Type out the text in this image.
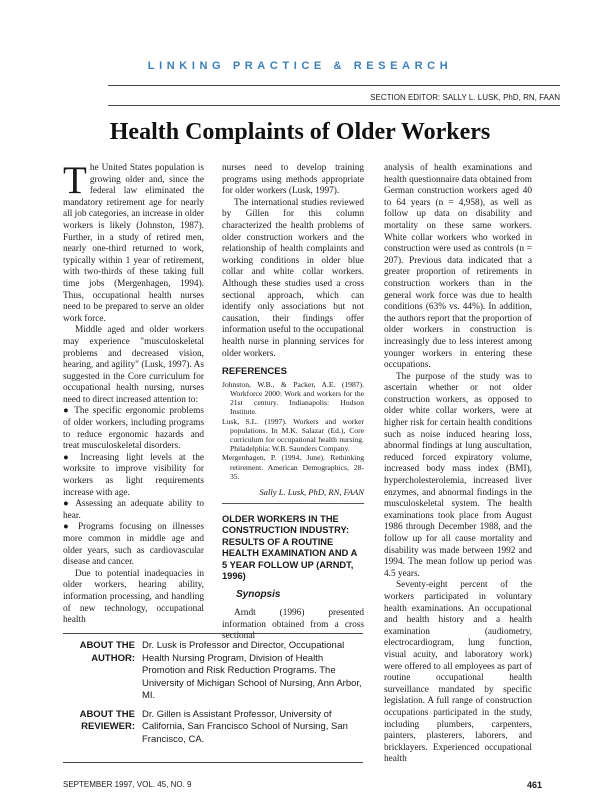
LINKING PRACTICE & RESEARCH
SECTION EDITOR: SALLY L. LUSK, PhD, RN, FAAN
Health Complaints of Older Workers

The United States population is growing older and, since the federal law eliminated the mandatory retirement age for nearly all job categories, an increase in older workers is likely (Johnston, 1987). Further, in a study of retired men, nearly one-third returned to work, typically within 1 year of retirement, with two-thirds of these taking full time jobs (Mergenhagen, 1994). Thus, occupational health nurses need to be prepared to serve an older work force.

Middle aged and older workers may experience "musculoskeletal problems and decreased vision, hearing, and agility" (Lusk, 1997). As suggested in the Core curriculum for occupational health nursing, nurses need to direct increased attention to:

● The specific ergonomic problems of older workers, including programs to reduce ergonomic hazards and treat musculoskeletal disorders.

● Increasing light levels at the worksite to improve visibility for workers as light requirements increase with age.

● Assessing an adequate ability to hear.

● Programs focusing on illnesses more common in middle age and older years, such as cardiovascular disease and cancer.

Due to potential inadequacies in older workers, hearing ability, information processing, and handling of new technology, occupational health

nurses need to develop training programs using methods appropriate for older workers (Lusk, 1997).

The international studies reviewed by Gillen for this column characterized the health problems of older construction workers and the relationship of health complaints and working conditions in older blue collar and white collar workers. Although these studies used a cross sectional approach, which can identify only associations but not causation, their findings offer information useful to the occupational health nurse in planning services for older workers.

REFERENCES

Johnston, W.B., & Packer, A.E. (1987). Workforce 2000: Work and workers for the 21st century. Indianapolis: Hudson Institute.

Lusk, S.L. (1997). Workers and worker populations. In M.K. Salazar (Ed.), Core curriculum for occupational health nursing. Philadelphia: W.B. Saunders Company.

Mergenhagen, P. (1994, June). Rethinking retirement. American Demographics, 28-35.

Sally L. Lusk, PhD, RN, FAAN
OLDER WORKERS IN THE CONSTRUCTION INDUSTRY: RESULTS OF A ROUTINE HEALTH EXAMINATION AND A 5 YEAR FOLLOW UP (ARNDT, 1996)
Synopsis

Arndt (1996) presented information obtained from a cross sectional

analysis of health examinations and health questionnaire data obtained from German construction workers aged 40 to 64 years (n = 4,958), as well as follow up data on disability and mortality on these same workers. White collar workers who worked in construction were used as controls (n = 207). Previous data indicated that a greater proportion of retirements in construction workers than in the general work force was due to health conditions (63% vs. 44%). In addition, the authors report that the proportion of older workers in construction is increasingly due to less interest among younger workers in entering these occupations.

The purpose of the study was to ascertain whether or not older construction workers, as opposed to older white collar workers, were at higher risk for certain health conditions such as noise induced hearing loss, abnormal findings at lung auscultation, reduced forced expiratory volume, increased body mass index (BMI), hypercholesterolemia, increased liver enzymes, and abnormal findings in the musculoskeletal system. The health examinations took place from August 1986 through December 1988, and the follow up for all cause mortality and disability was made between 1992 and 1994. The mean follow up period was 4.5 years.

Seventy-eight percent of the workers participated in voluntary health examinations. An occupational and health history and a health examination (audiometry, electrocardiogram, lung function, visual acuity, and laboratory work) were offered to all employees as part of routine occupational health surveillance mandated by specific legislation. A full range of construction occupations participated in the study, including plumbers, carpenters, painters, plasterers, laborers, and bricklayers. Experienced occupational health

ABOUT THE AUTHOR:
Dr. Lusk is Professor and Director, Occupational Health Nursing Program, Division of Health Promotion and Risk Reduction Programs. The University of Michigan School of Nursing, Ann Arbor, MI.
ABOUT THE REVIEWER:
Dr. Gillen is Assistant Professor, University of California, San Francisco School of Nursing, San Francisco, CA.
SEPTEMBER 1997, VOL. 45, NO. 9	461
